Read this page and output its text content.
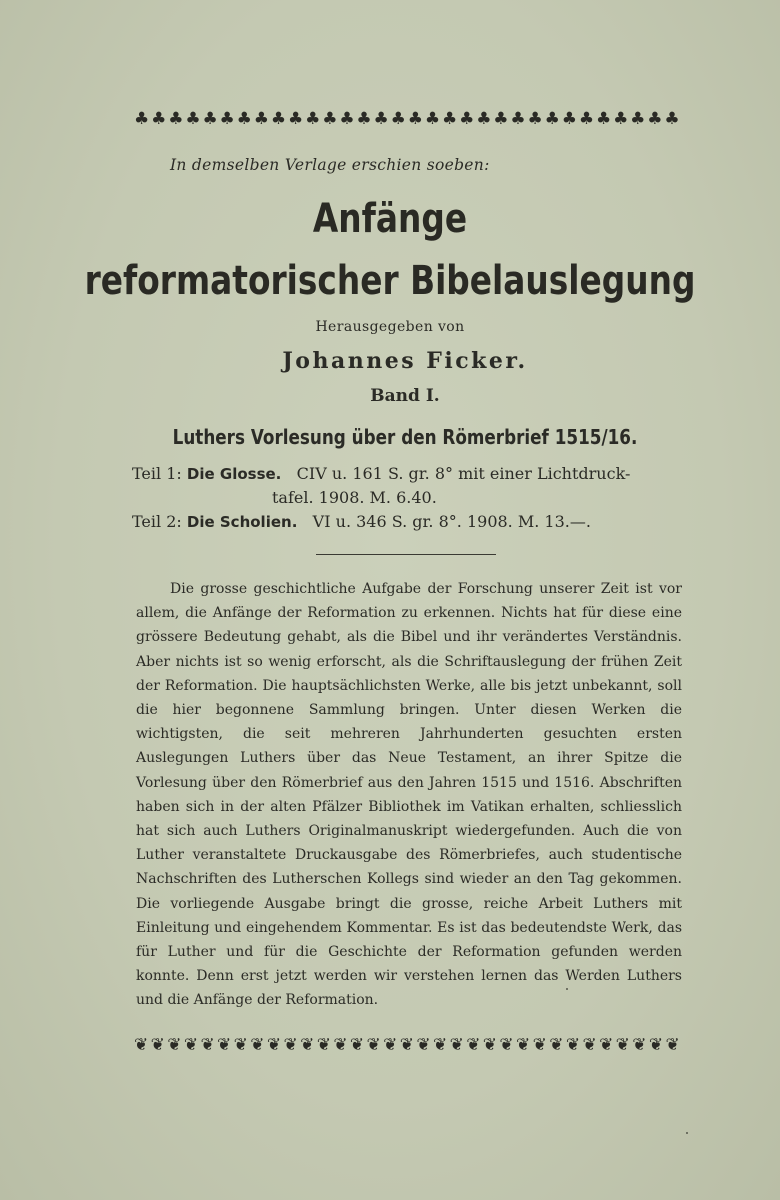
♣ ♣ ♣ ♣ ♣ ♣ ♣ ♣ ♣ ♣ ♣ ♣ ♣ ♣ ♣ ♣ ♣ ♣ ♣ ♣ ♣ ♣ ♣ ♣ ♣ ♣ ♣ ♣ ♣ ♣ ♣ ♣
In demselben Verlage erschien soeben:
Anfänge
reformatorischer Bibelauslegung
Herausgegeben von
Johannes Ficker.
Band I.
Luthers Vorlesung über den Römerbrief 1515/16.
Teil 1: Die Glosse. CIV u. 161 S. gr. 8° mit einer Lichtdruck-
tafel. 1908. M. 6.40.
Teil 2: Die Scholien. VI u. 346 S. gr. 8°. 1908. M. 13.—.

Die grosse geschichtliche Aufgabe der Forschung unserer Zeit ist vor allem, die Anfänge der Reformation zu erkennen. Nichts hat für diese eine grössere Bedeutung gehabt, als die Bibel und ihr verändertes Verständnis. Aber nichts ist so wenig erforscht, als die Schriftauslegung der frühen Zeit der Reformation. Die hauptsächlichsten Werke, alle bis jetzt unbekannt, soll die hier begonnene Sammlung bringen. Unter diesen Werken die wichtigsten, die seit mehreren Jahrhunderten gesuchten ersten Auslegungen Luthers über das Neue Testament, an ihrer Spitze die Vorlesung über den Römerbrief aus den Jahren 1515 und 1516. Abschriften haben sich in der alten Pfälzer Bibliothek im Vatikan erhalten, schliesslich hat sich auch Luthers Originalmanuskript wiedergefunden. Auch die von Luther veranstaltete Druckausgabe des Römerbriefes, auch studentische Nachschriften des Lutherschen Kollegs sind wieder an den Tag gekommen. Die vorliegende Ausgabe bringt die grosse, reiche Arbeit Luthers mit Einleitung und eingehendem Kommentar. Es ist das bedeutendste Werk, das für Luther und für die Geschichte der Reformation gefunden werden konnte. Denn erst jetzt werden wir verstehen lernen das Werden Luthers und die Anfänge der Reformation.

❦ ❦ ❦ ❦ ❦ ❦ ❦ ❦ ❦ ❦ ❦ ❦ ❦ ❦ ❦ ❦ ❦ ❦ ❦ ❦ ❦ ❦ ❦ ❦ ❦ ❦ ❦ ❦ ❦ ❦ ❦ ❦ ❦
